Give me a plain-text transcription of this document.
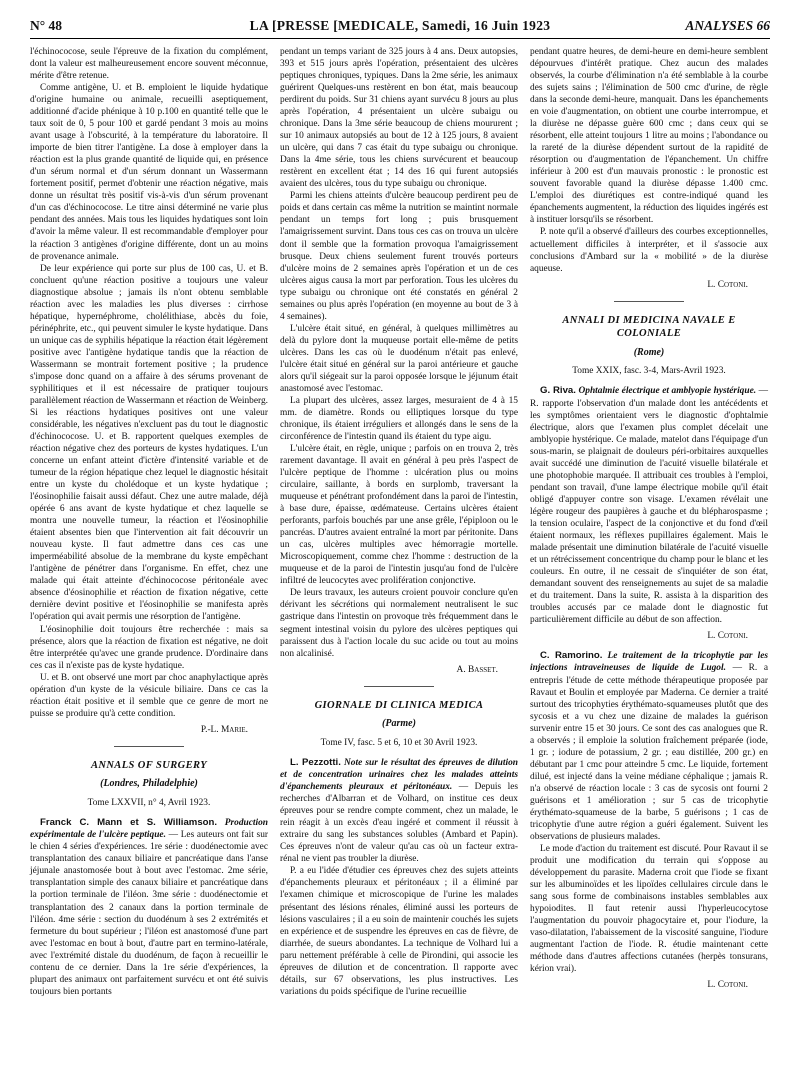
N° 48	LA [PRESSE [MEDICALE, Samedi, 16 Juin 1923	ANALYSES 66

l'échinococose, seule l'épreuve de la fixation du complément, dont la valeur est malheureusement encore souvent méconnue, mérite d'être retenue.

Comme antigène, U. et B. emploient le liquide hydatique d'origine humaine ou animale, recueilli aseptiquement, additionné d'acide phénique à 10 p.100 en quantité telle que le taux soit de 0, 5 pour 100 et gardé pendant 3 mois au moins avant usage à l'obscurité, à la température du laboratoire. Il importe de bien titrer l'antigène. La dose à employer dans la réaction est la plus grande quantité de liquide qui, en présence d'un sérum normal et d'un sérum donnant un Wassermann fortement positif, permet d'obtenir une réaction négative, mais donne un résultat très positif vis-à-vis d'un sérum provenant d'un cas d'échinococose. Le titre ainsi déterminé ne varie plus pendant des années. Mais tous les liquides hydatiques sont loin d'avoir la même valeur. Il est recommandable d'employer pour la réaction 3 antigènes d'origine différente, dont un au moins de provenance animale.

De leur expérience qui porte sur plus de 100 cas, U. et B. concluent qu'une réaction positive a toujours une valeur diagnostique absolue ; jamais ils n'ont obtenu semblable réaction avec les maladies les plus diverses : cirrhose hépatique, hypernéphrome, cholélithiase, abcès du foie, périnéphrite, etc., qui peuvent simuler le kyste hydatique. Dans un unique cas de syphilis hépatique la réaction était légèrement positive avec l'antigène hydatique tandis que la réaction de Wassermann se montrait fortement positive ; la prudence s'impose donc quand on a affaire à des sérums provenant de syphilitiques et il est nécessaire de pratiquer toujours parallèlement réaction de Wassermann et réaction de Weinberg. Si les réactions hydatiques positives ont une valeur considérable, les négatives n'excluent pas du tout le diagnostic d'échinococose. U. et B. rapportent quelques exemples de réaction négative chez des porteurs de kystes hydatiques. L'un concerne un enfant atteint d'ictère d'intensité variable et de tumeur de la région hépatique chez lequel le diagnostic hésitait entre un kyste du cholédoque et un kyste hydatique ; l'éosinophilie faisait aussi défaut. Chez une autre malade, déjà opérée 6 ans avant de kyste hydatique et chez laquelle se montra une nouvelle tumeur, la réaction et l'éosinophilie étaient absentes bien que l'intervention ait fait découvrir un nouveau kyste. Il faut admettre dans ces cas une imperméabilité absolue de la membrane du kyste empêchant l'antigène de pénétrer dans l'organisme. En effet, chez une malade qui était atteinte d'échinococose péritonéale avec absence d'éosinophilie et réaction de fixation négative, cette dernière devint positive et l'éosinophilie se manifesta après l'opération qui avait permis une résorption de l'antigène.

L'éosinophilie doit toujours être recherchée : mais sa présence, alors que la réaction de fixation est négative, ne doit être interprétée qu'avec une grande prudence. D'ordinaire dans ces cas il n'existe pas de kyste hydatique.

U. et B. ont observé une mort par choc anaphylactique après opération d'un kyste de la vésicule biliaire. Dans ce cas la réaction était positive et il semble que ce genre de mort ne puisse se produire qu'à cette condition.

P.-L. Marie.
ANNALS OF SURGERY
(Londres, Philadelphie)
Tome LXXVII, n° 4, Avril 1923.

Franck C. Mann et S. Williamson. Production expérimentale de l'ulcère peptique. — Les auteurs ont fait sur le chien 4 séries d'expériences. 1re série : duodénectomie avec transplantation des canaux biliaire et pancréatique dans l'anse jéjunale anastomosée bout à bout avec l'estomac. 2me série, transplantation simple des canaux biliaire et pancréatique dans la portion terminale de l'iléon. 3me série : duodénectomie et transplantation des 2 canaux dans la portion terminale de l'iléon. 4me série : section du duodénum à ses 2 extrémités et fermeture du bout supérieur ; l'iléon est anastomosé d'une part avec l'estomac en bout à bout, d'autre part en termino-latérale, avec l'extrémité distale du duodénum, de façon à recueillir le contenu de ce dernier. Dans la 1re série d'expériences, la plupart des animaux ont parfaitement survécu et ont été suivis toujours bien portants

pendant un temps variant de 325 jours à 4 ans. Deux autopsies, 393 et 515 jours après l'opération, présentaient des ulcères peptiques chroniques, typiques. Dans la 2me série, les animaux guérirent Quelques-uns restèrent en bon état, mais beaucoup perdirent du poids. Sur 31 chiens ayant survécu 8 jours au plus après l'opération, 4 présentaient un ulcère subaigu ou chronique. Dans la 3me série beaucoup de chiens moururent ; sur 10 animaux autopsiés au bout de 12 à 125 jours, 8 avaient un ulcère, qui dans 7 cas était du type subaigu ou chronique. Dans la 4me série, tous les chiens survécurent et beaucoup restèrent en excellent état ; 14 des 16 qui furent autopsiés avaient des ulcères, tous du type subaigu ou chronique.

Parmi les chiens atteints d'ulcère beaucoup perdirent peu de poids et dans certain cas même la nutrition se maintint normale pendant un temps fort long ; puis brusquement l'amaigrissement survint. Dans tous ces cas on trouva un ulcère dont il semble que la formation provoqua l'amaigrissement brusque. Deux chiens seulement furent trouvés porteurs d'ulcère moins de 2 semaines après l'opération et un de ces ulcères aigus causa la mort par perforation. Tous les ulcères du type subaigu ou chronique ont été constatés en général 2 semaines ou plus après l'opération (en moyenne au bout de 3 à 4 semaines).

L'ulcère était situé, en général, à quelques millimètres au delà du pylore dont la muqueuse portait elle-même de petits ulcères. Dans les cas où le duodénum n'était pas enlevé, l'ulcère était situé en général sur la paroi antérieure et gauche alors qu'il siégeait sur la paroi opposée lorsque le jéjunum était anastomosé avec l'estomac.

La plupart des ulcères, assez larges, mesuraient de 4 à 15 mm. de diamètre. Ronds ou elliptiques lorsque du type chronique, ils étaient irréguliers et allongés dans le sens de la circonférence de l'intestin quand ils étaient du type aigu.

L'ulcère était, en règle, unique ; parfois on en trouva 2, très rarement davantage. Il avait en général à peu près l'aspect de l'ulcère peptique de l'homme : ulcération plus ou moins circulaire, saillante, à bords en surplomb, traversant la muqueuse et pénétrant profondément dans la paroi de l'intestin, à base dure, épaisse, œdémateuse. Certains ulcères étaient perforants, parfois bouchés par une anse grêle, l'épiploon ou le pancréas. D'autres avaient entraîné la mort par péritonite. Dans un cas, ulcères multiples avec hémorragie mortelle. Microscopiquement, comme chez l'homme : destruction de la muqueuse et de la paroi de l'intestin jusqu'au fond de l'ulcère infiltré de leucocytes avec prolifération conjonctive.

De leurs travaux, les auteurs croient pouvoir conclure qu'en dérivant les sécrétions qui normalement neutralisent le suc gastrique dans l'intestin on provoque très fréquemment dans le segment intestinal voisin du pylore des ulcères peptiques qui paraissent dus à l'action locale du suc acide ou tout au moins non alcalinisé.

A. Basset.
GIORNALE DI CLINICA MEDICA
(Parme)
Tome IV, fasc. 5 et 6, 10 et 30 Avril 1923.

L. Pezzotti. Note sur le résultat des épreuves de dilution et de concentration urinaires chez les malades atteints d'épanchements pleuraux et péritonéaux. — Depuis les recherches d'Albarran et de Volhard, on institue ces deux épreuves pour se rendre compte comment, chez un malade, le rein réagit à un excès d'eau ingéré et comment il réussit à extraire du sang les substances solubles (Ambard et Papin). Ces épreuves n'ont de valeur qu'au cas où un facteur extra-rénal ne vient pas troubler la diurèse.

P. a eu l'idée d'étudier ces épreuves chez des sujets atteints d'épanchements pleuraux et péritonéaux ; il a éliminé par l'examen chimique et microscopique de l'urine les malades présentant des lésions rénales, éliminé aussi les porteurs de lésions vasculaires ; il a eu soin de maintenir couchés les sujets en expérience et de suspendre les épreuves en cas de fièvre, de diarrhée, de sueurs abondantes. La technique de Volhard lui a paru nettement préférable à celle de Pirondini, qui associe les épreuves de dilution et de concentration. Il rapporte avec détails, sur 67 observations, les plus instructives. Les variations du poids spécifique de l'urine recueillie

pendant quatre heures, de demi-heure en demi-heure semblent dépourvues d'intérêt pratique. Chez aucun des malades observés, la courbe d'élimination n'a été semblable à la courbe des sujets sains ; l'élimination de 500 cmc d'urine, de règle dans la seconde demi-heure, manquait. Dans les épanchements en voie d'augmentation, on obtient une courbe interrompue, et la diurèse ne dépasse guère 600 cmc ; dans ceux qui se résorbent, elle atteint toujours 1 litre au moins ; l'abondance ou la rareté de la diurèse dépendent surtout de la rapidité de résorption ou d'augmentation de l'épanchement. Un chiffre inférieur à 200 est d'un mauvais pronostic : le pronostic est souvent favorable quand la diurèse dépasse 1.400 cmc. L'emploi des diurétiques est contre-indiqué quand les épanchements augmentent, la réduction des liquides ingérés est à instituer lorsqu'ils se résorbent.

P. note qu'il a observé d'ailleurs des courbes exceptionnelles, actuellement difficiles à interpréter, et il s'associe aux conclusions d'Ambard sur la « mobilité » de la diurèse aqueuse.

L. Cotoni.
ANNALI DI MEDICINA NAVALE E COLONIALE
(Rome)
Tome XXIX, fasc. 3-4, Mars-Avril 1923.

G. Riva. Ophtalmie électrique et amblyopie hystérique. — R. rapporte l'observation d'un malade dont les antécédents et les symptômes orientaient vers le diagnostic d'ophtalmie électrique, alors que l'examen plus complet décelait une amblyopie hystérique. Ce malade, matelot dans l'équipage d'un sous-marin, se plaignait de douleurs péri-orbitaires auxquelles avait succédé une diminution de l'acuité visuelle bilatérale et une photophobie marquée. Il attribuait ces troubles à l'emploi, pendant son travail, d'une lampe électrique mobile qu'il était obligé d'appuyer contre son visage. L'examen révélait une légère rougeur des paupières à gauche et du blépharospasme ; la tension oculaire, l'aspect de la conjonctive et du fond d'œil étaient normaux, les réflexes pupillaires également. Mais le malade présentait une diminution bilatérale de l'acuité visuelle et un rétrécissement concentrique du champ pour le blanc et les couleurs. En outre, il ne cessait de s'inquiéter de son état, demandant souvent des renseignements au sujet de sa maladie et du traitement. Dans la suite, R. assista à la disparition des troubles accusés par ce malade dont le diagnostic fut particulièrement difficile au début de son affection.

L. Cotoni.

C. Ramorino. Le traitement de la tricophytie par les injections intraveineuses de liquide de Lugol. — R. a entrepris l'étude de cette méthode thérapeutique proposée par Ravaut et Boulin et employée par Maderna. Ce dernier a traité surtout des tricophyties érythémato-squameuses plutôt que des sycosis et a vu chez une dizaine de malades la guérison survenir entre 15 et 30 jours. Ce sont des cas analogues que R. a observés ; il emploie la solution fraîchement préparée (iode, 1 gr. ; iodure de potassium, 2 gr. ; eau distillée, 200 gr.) en débutant par 1 cmc pour atteindre 5 cmc. Le liquide, fortement dilué, est injecté dans la veine médiane céphalique ; jamais R. n'a observé de réaction locale : 3 cas de sycosis ont fourni 2 guérisons et 1 amélioration ; sur 5 cas de tricophytie érythémato-squameuse de la barbe, 5 guérisons ; 1 cas de tricophytie d'une autre région a guéri également. Suivent les observations de plusieurs malades.

Le mode d'action du traitement est discuté. Pour Ravaut il se produit une modification du terrain qui s'oppose au développement du parasite. Maderna croit que l'iode se fixant sur les albuminoïdes et les lipoïdes cellulaires circule dans le sang sous forme de combinaisons instables semblables aux hypoiodites. Il faut retenir aussi l'hyperleucocytose l'augmentation du pouvoir phagocytaire et, pour l'iodure, la vaso-dilatation, l'abaissement de la viscosité sanguine, l'iodure augmentant l'action de l'iode. R. étudie maintenant cette méthode dans d'autres affections cutanées (herpès tonsurans, kérion vrai).

L. Cotoni.
